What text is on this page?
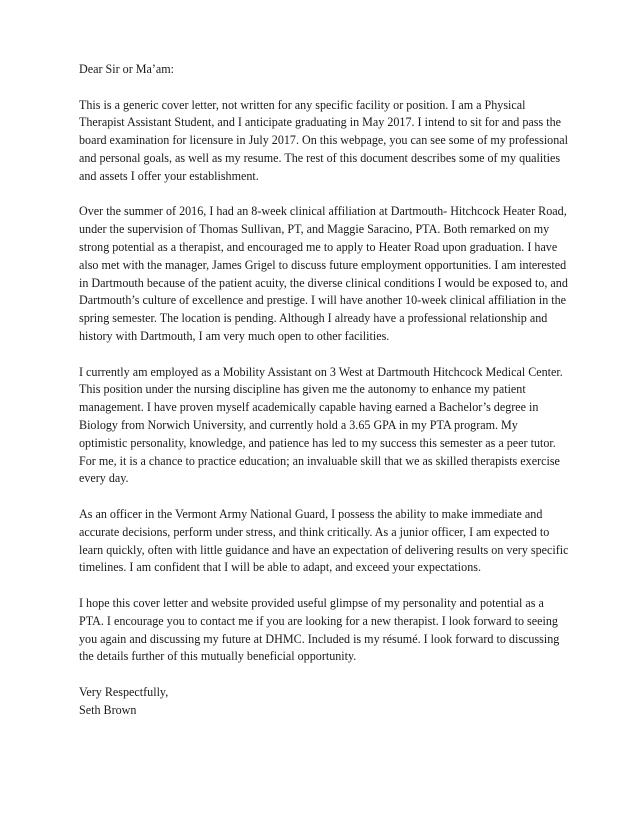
Dear Sir or Ma’am:

This is a generic cover letter, not written for any specific facility or position. I am a Physical Therapist Assistant Student, and I anticipate graduating in May 2017. I intend to sit for and pass the board examination for licensure in July 2017. On this webpage, you can see some of my professional and personal goals, as well as my resume. The rest of this document describes some of my qualities and assets I offer your establishment.

Over the summer of 2016, I had an 8-week clinical affiliation at Dartmouth- Hitchcock Heater Road, under the supervision of Thomas Sullivan, PT, and Maggie Saracino, PTA. Both remarked on my strong potential as a therapist, and encouraged me to apply to Heater Road upon graduation. I have also met with the manager, James Grigel to discuss future employment opportunities. I am interested in Dartmouth because of the patient acuity, the diverse clinical conditions I would be exposed to, and Dartmouth’s culture of excellence and prestige. I will have another 10-week clinical affiliation in the spring semester. The location is pending. Although I already have a professional relationship and history with Dartmouth, I am very much open to other facilities.

I currently am employed as a Mobility Assistant on 3 West at Dartmouth Hitchcock Medical Center. This position under the nursing discipline has given me the autonomy to enhance my patient management. I have proven myself academically capable having earned a Bachelor’s degree in Biology from Norwich University, and currently hold a 3.65 GPA in my PTA program. My optimistic personality, knowledge, and patience has led to my success this semester as a peer tutor. For me, it is a chance to practice education; an invaluable skill that we as skilled therapists exercise every day.

As an officer in the Vermont Army National Guard, I possess the ability to make immediate and accurate decisions, perform under stress, and think critically. As a junior officer, I am expected to learn quickly, often with little guidance and have an expectation of delivering results on very specific timelines. I am confident that I will be able to adapt, and exceed your expectations.

I hope this cover letter and website provided useful glimpse of my personality and potential as a PTA. I encourage you to contact me if you are looking for a new therapist. I look forward to seeing you again and discussing my future at DHMC. Included is my résumé. I look forward to discussing the details further of this mutually beneficial opportunity.

Very Respectfully,

Seth Brown
